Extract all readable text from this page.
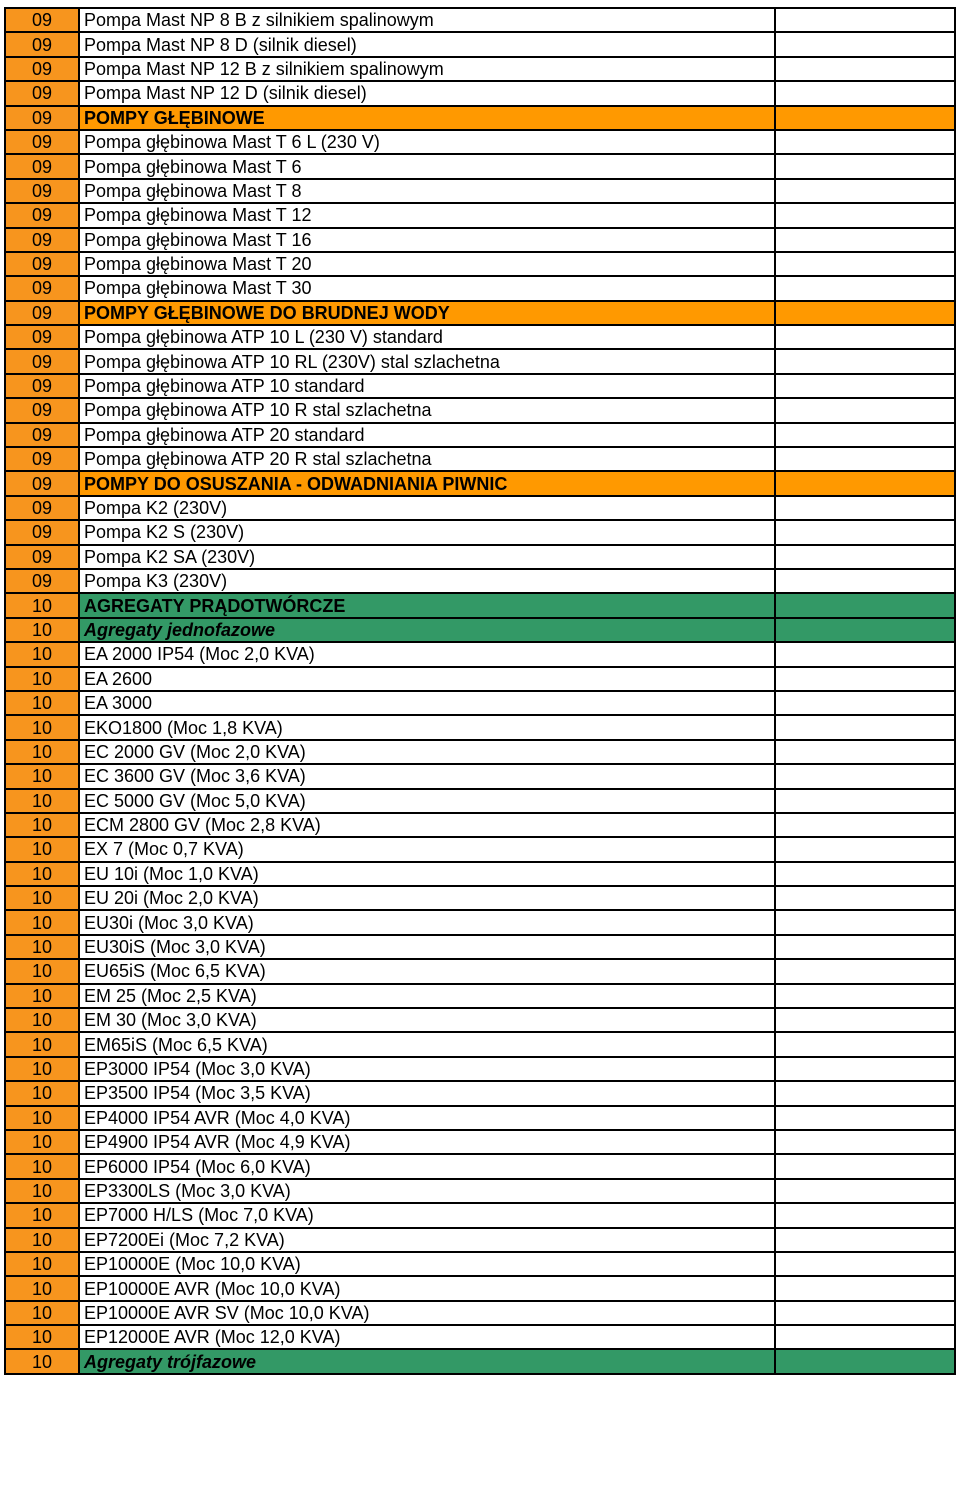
09	Pompa Mast NP 8 B z silnikiem spalinowym	
09	Pompa Mast NP 8 D (silnik diesel)	
09	Pompa Mast NP 12 B z silnikiem spalinowym	
09	Pompa Mast NP 12 D (silnik diesel)	
09	POMPY GŁĘBINOWE	
09	Pompa głębinowa Mast T 6 L (230 V)	
09	Pompa głębinowa Mast T 6	
09	Pompa głębinowa Mast T 8	
09	Pompa głębinowa Mast T 12	
09	Pompa głębinowa Mast T 16	
09	Pompa głębinowa Mast T 20	
09	Pompa głębinowa Mast T 30	
09	POMPY GŁĘBINOWE DO BRUDNEJ WODY	
09	Pompa głębinowa ATP 10 L (230 V) standard	
09	Pompa głębinowa ATP 10 RL (230V) stal szlachetna	
09	Pompa głębinowa ATP 10 standard	
09	Pompa głębinowa ATP 10 R stal szlachetna	
09	Pompa głębinowa ATP 20 standard	
09	Pompa głębinowa ATP 20 R stal szlachetna	
09	POMPY DO OSUSZANIA - ODWADNIANIA PIWNIC	
09	Pompa K2 (230V)	
09	Pompa K2 S (230V)	
09	Pompa K2 SA (230V)	
09	Pompa K3 (230V)	
10	AGREGATY PRĄDOTWÓRCZE	
10	Agregaty jednofazowe	
10	EA 2000 IP54 (Moc 2,0 KVA)	
10	EA 2600	
10	EA 3000	
10	EKO1800 (Moc 1,8 KVA)	
10	EC 2000 GV (Moc 2,0 KVA)	
10	EC 3600 GV (Moc 3,6 KVA)	
10	EC 5000 GV (Moc 5,0 KVA)	
10	ECM 2800 GV (Moc 2,8 KVA)	
10	EX 7 (Moc 0,7 KVA)	
10	EU 10i (Moc 1,0 KVA)	
10	EU 20i (Moc 2,0 KVA)	
10	EU30i (Moc 3,0 KVA)	
10	EU30iS (Moc 3,0 KVA)	
10	EU65iS (Moc 6,5 KVA)	
10	EM 25 (Moc 2,5 KVA)	
10	EM 30 (Moc 3,0 KVA)	
10	EM65iS (Moc 6,5 KVA)	
10	EP3000 IP54 (Moc 3,0 KVA)	
10	EP3500 IP54 (Moc 3,5 KVA)	
10	EP4000 IP54 AVR (Moc 4,0 KVA)	
10	EP4900 IP54 AVR (Moc 4,9 KVA)	
10	EP6000 IP54 (Moc 6,0 KVA)	
10	EP3300LS (Moc 3,0 KVA)	
10	EP7000 H/LS (Moc 7,0 KVA)	
10	EP7200Ei (Moc 7,2 KVA)	
10	EP10000E (Moc 10,0 KVA)	
10	EP10000E AVR (Moc 10,0 KVA)	
10	EP10000E AVR SV (Moc 10,0 KVA)	
10	EP12000E AVR (Moc 12,0 KVA)	
10	Agregaty trójfazowe	
